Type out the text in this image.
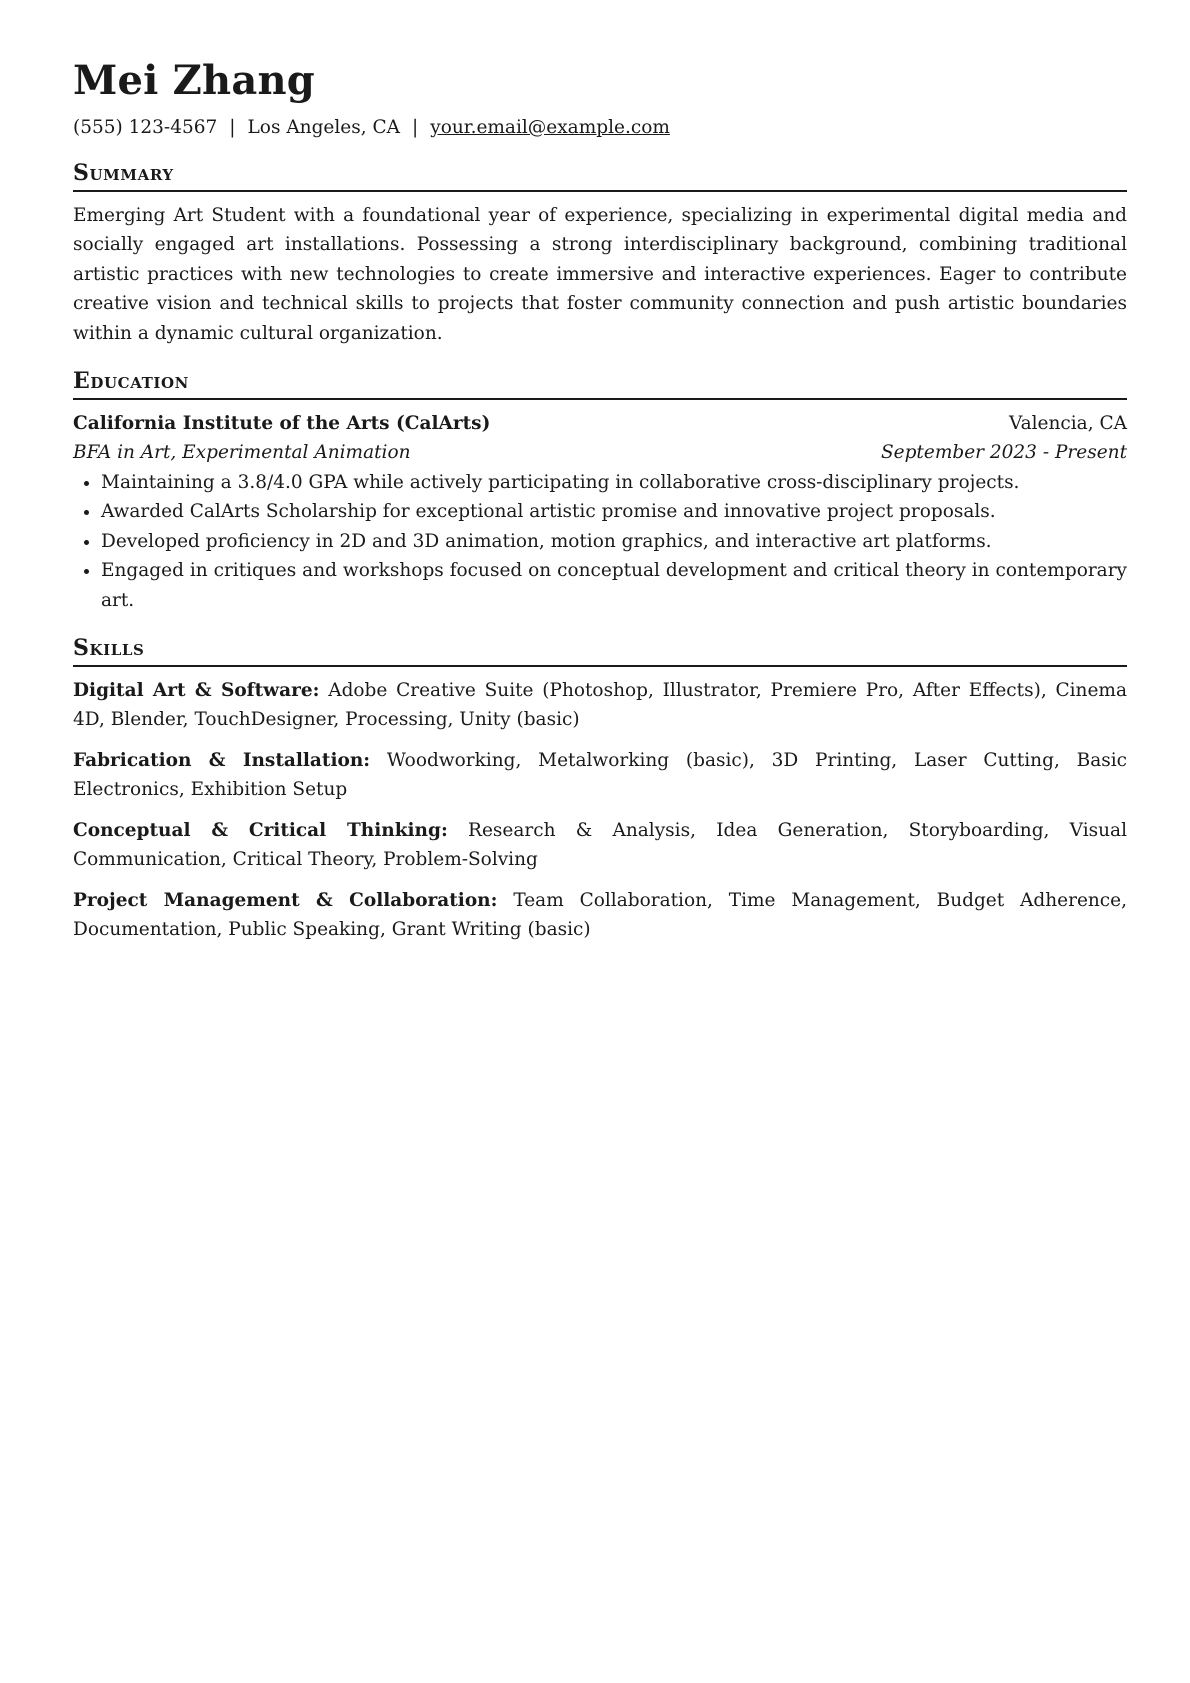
Mei Zhang
(555) 123-4567 | Los Angeles, CA | your.email@example.com
Summary
Emerging Art Student with a foundational year of experience, specializing in experimental digital media and socially engaged art installations. Possessing a strong interdisciplinary background, combining traditional artistic practices with new technologies to create immersive and interactive experiences. Eager to contribute creative vision and technical skills to projects that foster community connection and push artistic boundaries within a dynamic cultural organization.
Education
California Institute of the Arts (CalArts)	Valencia, CA
BFA in Art, Experimental Animation	September 2023 - Present
• Maintaining a 3.8/4.0 GPA while actively participating in collaborative cross-disciplinary projects.
• Awarded CalArts Scholarship for exceptional artistic promise and innovative project proposals.
• Developed proficiency in 2D and 3D animation, motion graphics, and interactive art platforms.
• Engaged in critiques and workshops focused on conceptual development and critical theory in contemporary art.
Skills
Digital Art & Software: Adobe Creative Suite (Photoshop, Illustrator, Premiere Pro, After Effects), Cinema 4D, Blender, TouchDesigner, Processing, Unity (basic)
Fabrication & Installation: Woodworking, Metalworking (basic), 3D Printing, Laser Cutting, Basic Electronics, Exhibition Setup
Conceptual & Critical Thinking: Research & Analysis, Idea Generation, Storyboarding, Visual Communication, Critical Theory, Problem-Solving
Project Management & Collaboration: Team Collaboration, Time Management, Budget Adherence, Documentation, Public Speaking, Grant Writing (basic)
